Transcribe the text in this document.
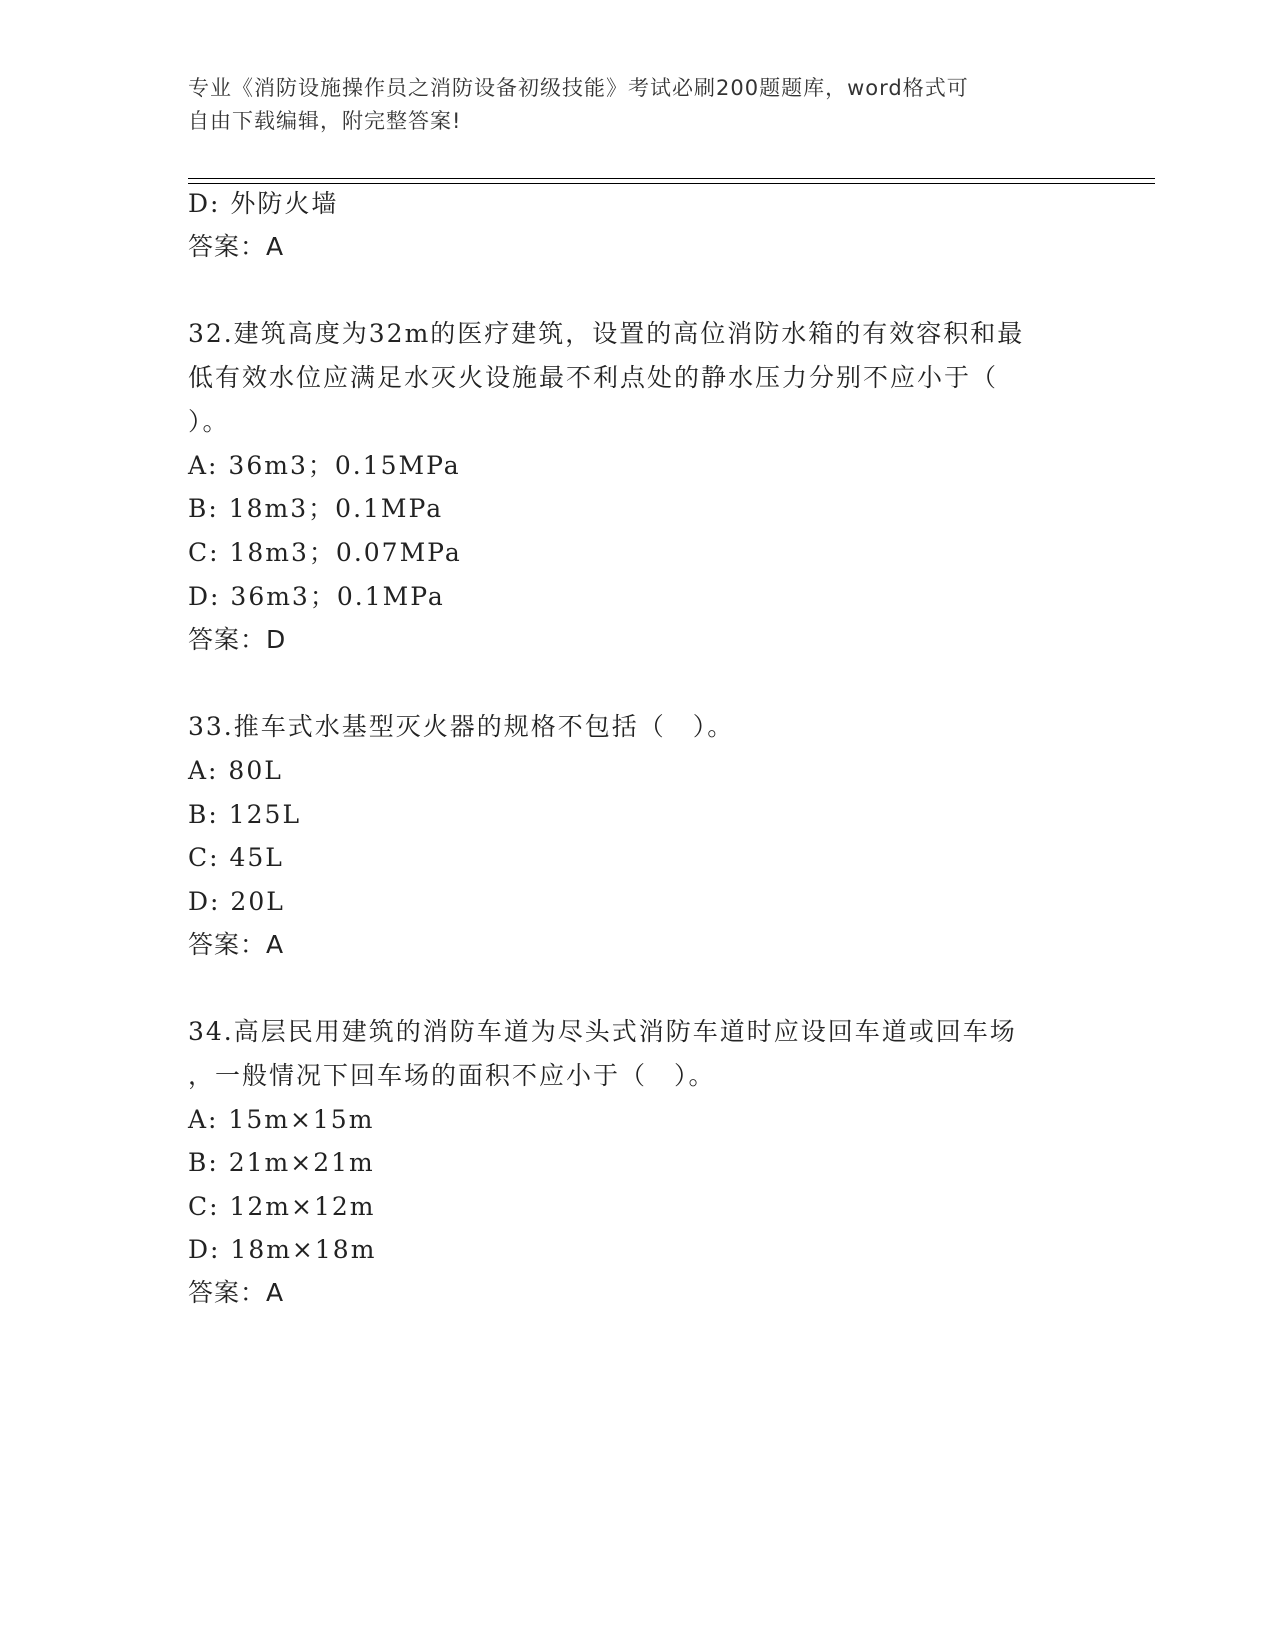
专业《消防设施操作员之消防设备初级技能》考试必刷200题题库，word格式可
自由下载编辑，附完整答案!
D: 外防火墙
答案：A
32.建筑高度为32m的医疗建筑，设置的高位消防水箱的有效容积和最
低有效水位应满足水灭火设施最不利点处的静水压力分别不应小于（
）。
A: 36m3；0.15MPa
B: 18m3；0.1MPa
C: 18m3；0.07MPa
D: 36m3；0.1MPa
答案：D
33.推车式水基型灭火器的规格不包括（　）。
A: 80L
B: 125L
C: 45L
D: 20L
答案：A
34.高层民用建筑的消防车道为尽头式消防车道时应设回车道或回车场
，一般情况下回车场的面积不应小于（　）。
A: 15m×15m
B: 21m×21m
C: 12m×12m
D: 18m×18m
答案：A
